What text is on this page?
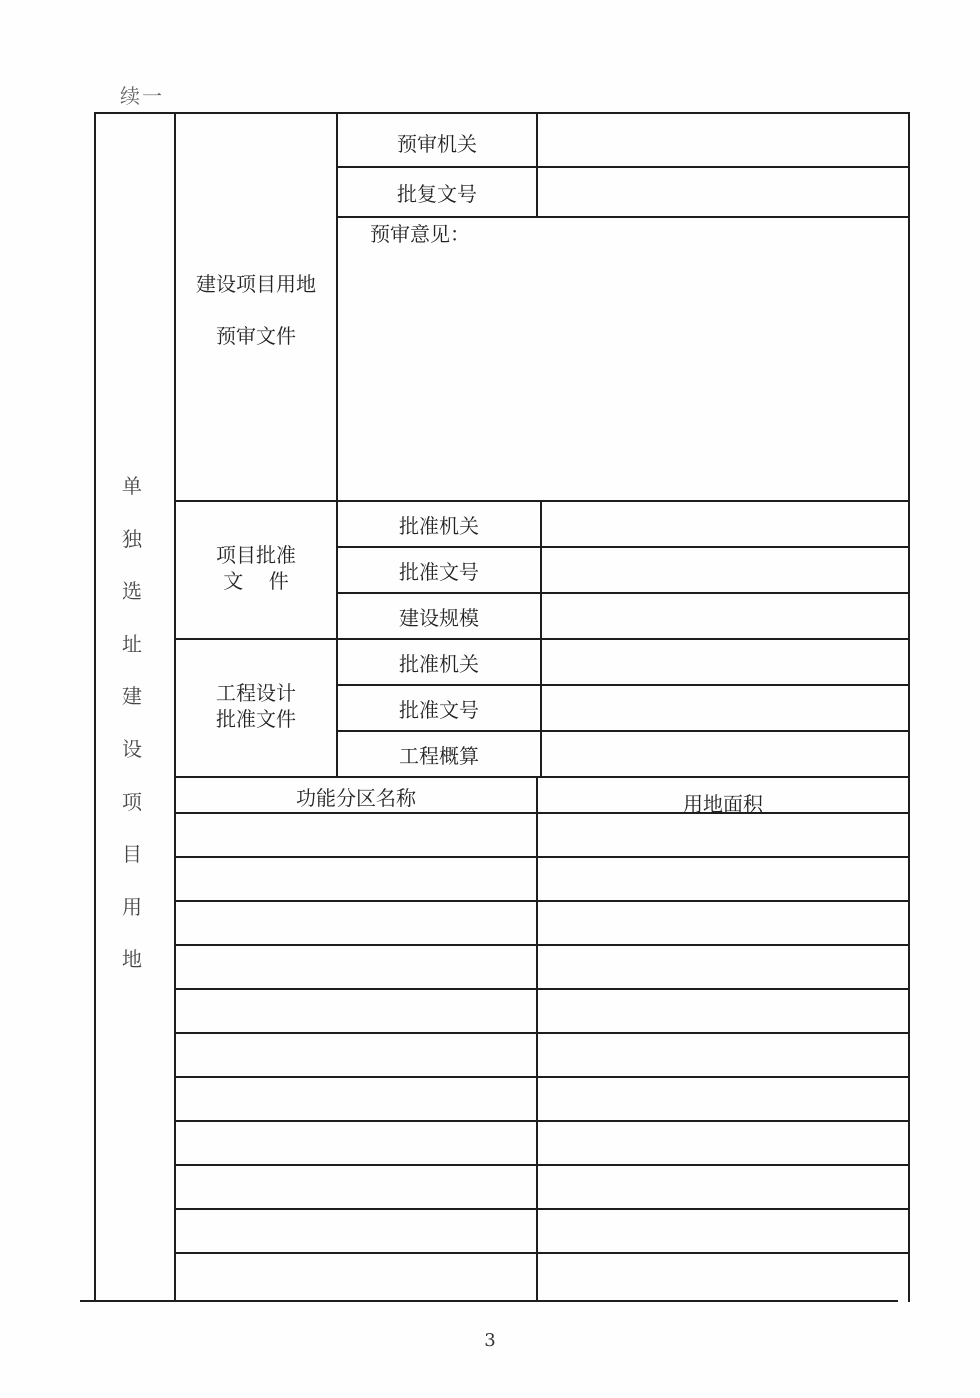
续一
单
独
选
址
建
设
项
目
用
地
建设项目用地
预审文件
预审机关
批复文号
预审意见：
项目批准
文    件
批准机关
批准文号
建设规模
工程设计
批准文件
批准机关
批准文号
工程概算
功能分区名称	用地面积
3
